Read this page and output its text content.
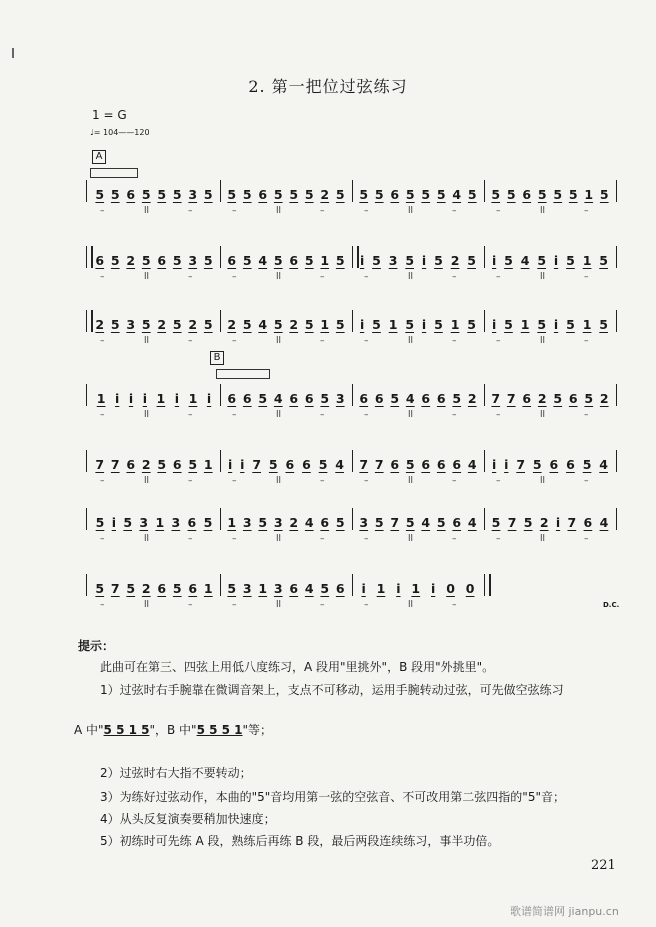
2. 第一把位过弦练习
1 = G
♩= 104——120
A
B
5 5 6 5 5 5 3 5
–	ll	–
5 5 6 5 5 5 2 5
–	ll	–
5 5 6 5 5 5 4 5
–	ll	–
5 5 6 5 5 5 1 5
–	ll	–
6 5 2 5 6 5 3 5
–	ll	–
6 5 4 5 6 5 1 5
–	ll	–
i 5 3 5 i 5 2 5
–	ll	–
i 5 4 5 i 5 1 5
–	ll	–
2 5 3 5 2 5 2 5
–	ll	–
2 5 4 5 2 5 1 5
–	ll	–
i 5 1 5 i 5 1 5
–	ll	–
i 5 1 5 i 5 1 5
–	ll	–
1 i i i 1 i 1 i
–	ll	–
6 6 5 4 6 6 5 3
–	ll	–
6 6 5 4 6 6 5 2
–	ll	–
7 7 6 2 5 6 5 2
–	ll	–
7 7 6 2 5 6 5 1
–	ll	–
i i 7 5 6 6 5 4
–	ll	–
7 7 6 5 6 6 6 4
–	ll	–
i i 7 5 6 6 5 4
–	ll	–
5 i 5 3 1 3 6 5
–	ll	–
1 3 5 3 2 4 6 5
–	ll	–
3 5 7 5 4 5 6 4
–	ll	–
5 7 5 2 i 7 6 4
–	ll	–
5 7 5 2 6 5 6 1
–	ll	–
5 3 1 3 6 4 5 6
–	ll	–
i 1 i 1 i 0 0
–	ll	–	D.C.
提示：
此曲可在第三、四弦上用低八度练习，A 段用"里挑外"，B 段用"外挑里"。
1）过弦时右手腕靠在微调音架上，支点不可移动，运用手腕转动过弦，可先做空弦练习
A 中"5 5 1 5"，B 中"5 5 5 1"等；
2）过弦时右大指不要转动；
3）为练好过弦动作，本曲的"5"音均用第一弦的空弦音、不可改用第二弦四指的"5"音；
4）从头反复演奏要稍加快速度；
5）初练时可先练 A 段，熟练后再练 B 段，最后两段连续练习，事半功倍。
221
歌谱简谱网 jianpu.cn
